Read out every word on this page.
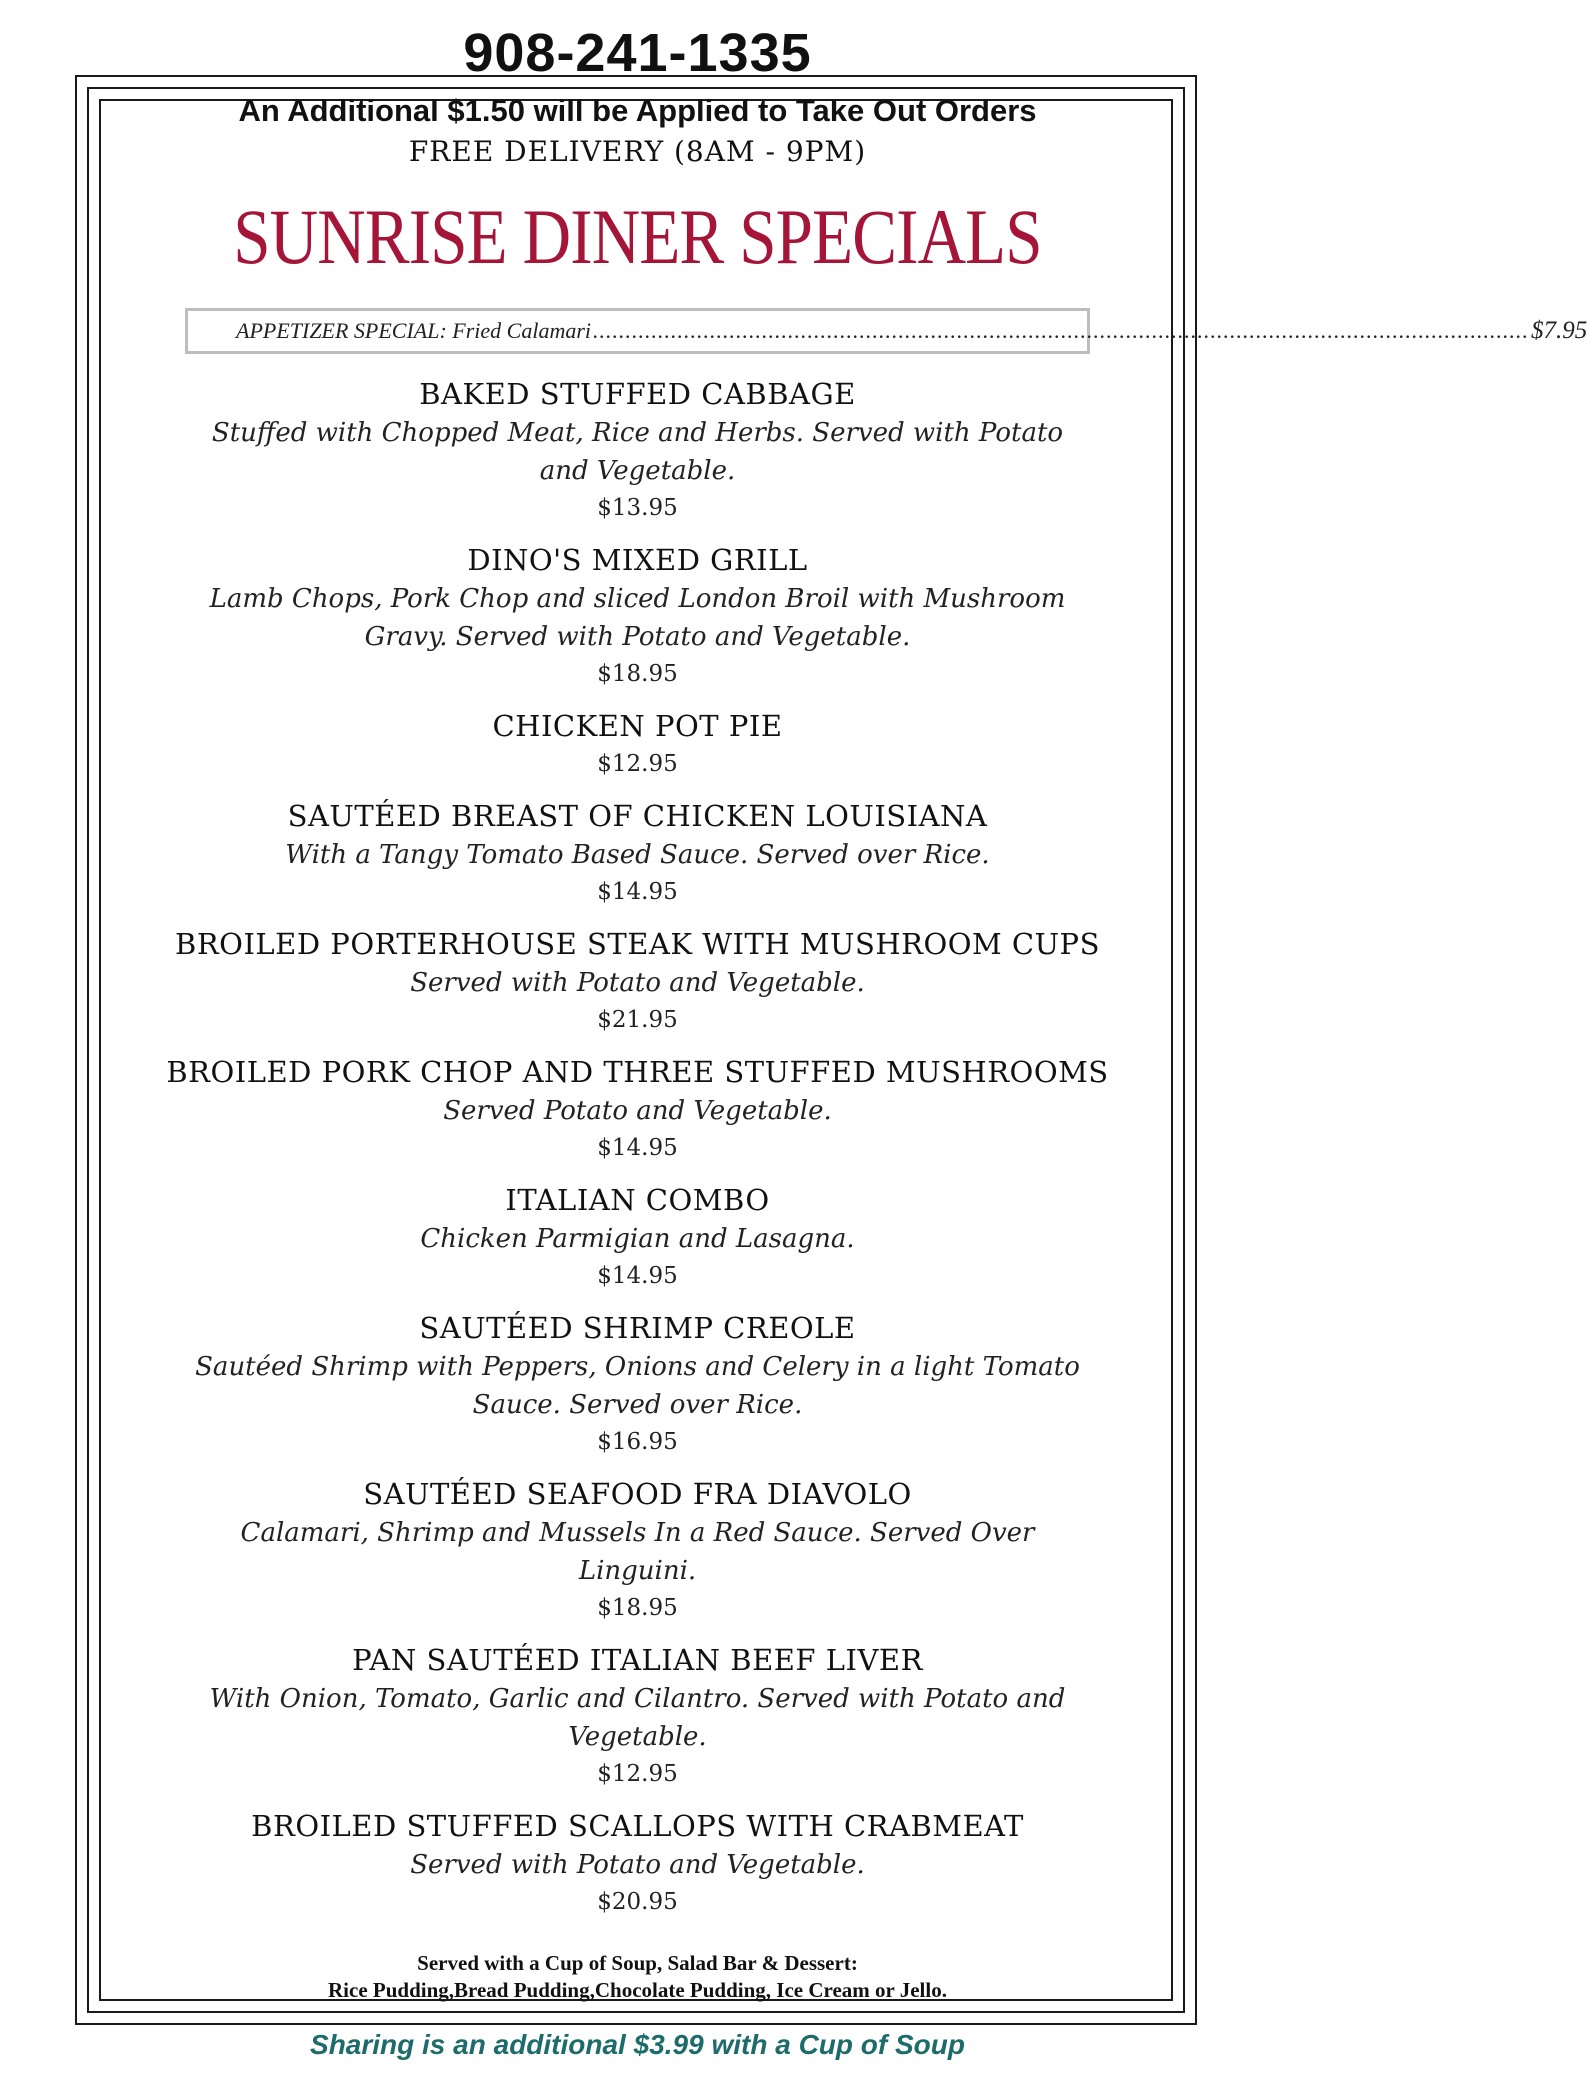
908-241-1335
An Additional $1.50 will be Applied to Take Out Orders
FREE DELIVERY (8AM - 9PM)
SUNRISE DINER SPECIALS
APPETIZER SPECIAL: Fried Calamari ................................................................................................................................................ $7.95
BAKED STUFFED CABBAGE
Stuffed with Chopped Meat, Rice and Herbs. Served with Potato and Vegetable.
$13.95
DINO'S MIXED GRILL
Lamb Chops, Pork Chop and sliced London Broil with Mushroom Gravy. Served with Potato and Vegetable.
$18.95
CHICKEN POT PIE
$12.95
SAUTÉED BREAST OF CHICKEN LOUISIANA
With a Tangy Tomato Based Sauce. Served over Rice.
$14.95
BROILED PORTERHOUSE STEAK WITH MUSHROOM CUPS
Served with Potato and Vegetable.
$21.95
BROILED PORK CHOP AND THREE STUFFED MUSHROOMS
Served Potato and Vegetable.
$14.95
ITALIAN COMBO
Chicken Parmigian and Lasagna.
$14.95
SAUTÉED SHRIMP CREOLE
Sautéed Shrimp with Peppers, Onions and Celery in a light Tomato Sauce. Served over Rice.
$16.95
SAUTÉED SEAFOOD FRA DIAVOLO
Calamari, Shrimp and Mussels In a Red Sauce. Served Over Linguini.
$18.95
PAN SAUTÉED ITALIAN BEEF LIVER
With Onion, Tomato, Garlic and Cilantro. Served with Potato and Vegetable.
$12.95
BROILED STUFFED SCALLOPS WITH CRABMEAT
Served with Potato and Vegetable.
$20.95
Served with a Cup of Soup, Salad Bar & Dessert:
Rice Pudding,Bread Pudding,Chocolate Pudding, Ice Cream or Jello.
Sharing is an additional $3.99 with a Cup of Soup
